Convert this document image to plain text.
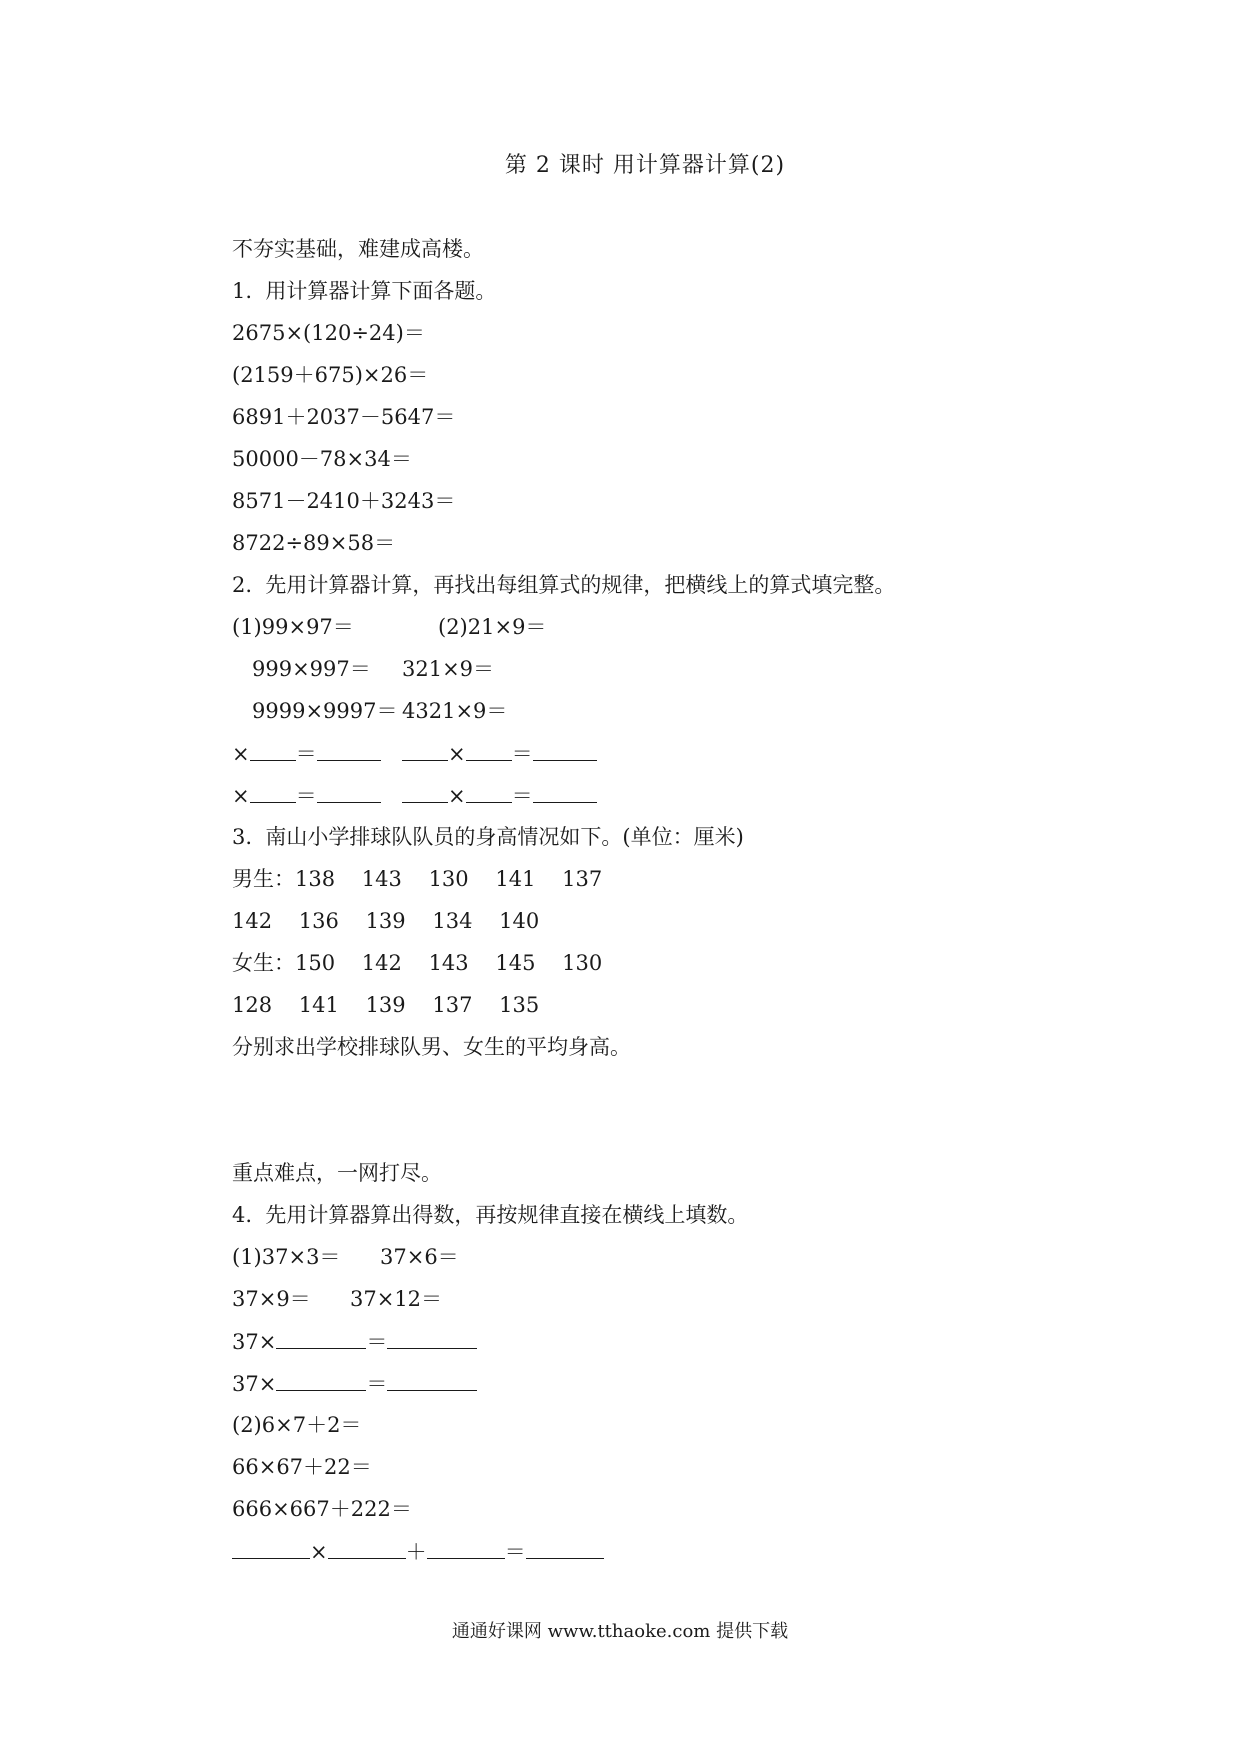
第 2 课时 用计算器计算(2)
不夯实基础，难建成高楼。
1.  用计算器计算下面各题。
2675×(120÷24)＝
(2159＋675)×26＝
6891＋2037－5647＝
50000－78×34＝
8571－2410＋3243＝
8722÷89×58＝
2.  先用计算器计算，再找出每组算式的规律，把横线上的算式填完整。
(1)99×97＝	(2)21×9＝
999×997＝ 321×9＝
9999×9997＝ 4321×9＝
× ＝	× ＝
× ＝	× ＝
3.  南山小学排球队队员的身高情况如下。(单位：厘米)
男生：138    143    130    141    137
142    136    139    134    140
女生：150    142    143    145    130
128    141    139    137    135
分别求出学校排球队男、女生的平均身高。
重点难点，一网打尽。
4.  先用计算器算出得数，再按规律直接在横线上填数。
(1)37×3＝ 37×6＝
37×9＝ 37×12＝
37×	＝
37×	＝
(2)6×7＋2＝
66×67＋22＝
666×667＋222＝
×	＋	＝
通通好课网 www.tthaoke.com 提供下载
